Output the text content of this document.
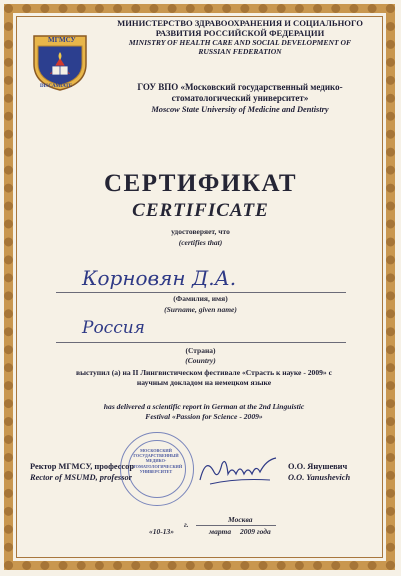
МГМСУ
DISCAMIATE
МИНИСТЕРСТВО ЗДРАВООХРАНЕНИЯ И СОЦИАЛЬНОГО
РАЗВИТИЯ РОССИЙСКОЙ ФЕДЕРАЦИИ
MINISTRY OF HEALTH CARE AND SOCIAL DEVELOPMENT OF
RUSSIAN FEDERATION
ГОУ ВПО «Московский государственный медико-
стоматологический университет»
Moscow State University of Medicine and Dentistry
СЕРТИФИКАТ
CERTIFICATE
удостоверяет, что
(certifies that)
Корновян Д.А.
(Фамилия, имя)
(Surname, given name)
Россия
(Страна)
(Country)
выступил (а) на II Лингвистическом фестивале «Страсть к науке - 2009» с
научным докладом на немецком языке
has delivered a scientific report in German at the 2nd Linguistic
Festival «Passion for Science - 2009»
МОСКОВСКИЙ
ГОСУДАРСТВЕННЫЙ
МЕДИКО-
СТОМАТОЛОГИЧЕСКИЙ
УНИВЕРСИТЕТ
Ректор МГМСУ, профессор
Rector of MSUMD, professor
О.О. Янушевич
O.O. Yanushevich
г.
Москва
«10-13»	марта 2009 года
